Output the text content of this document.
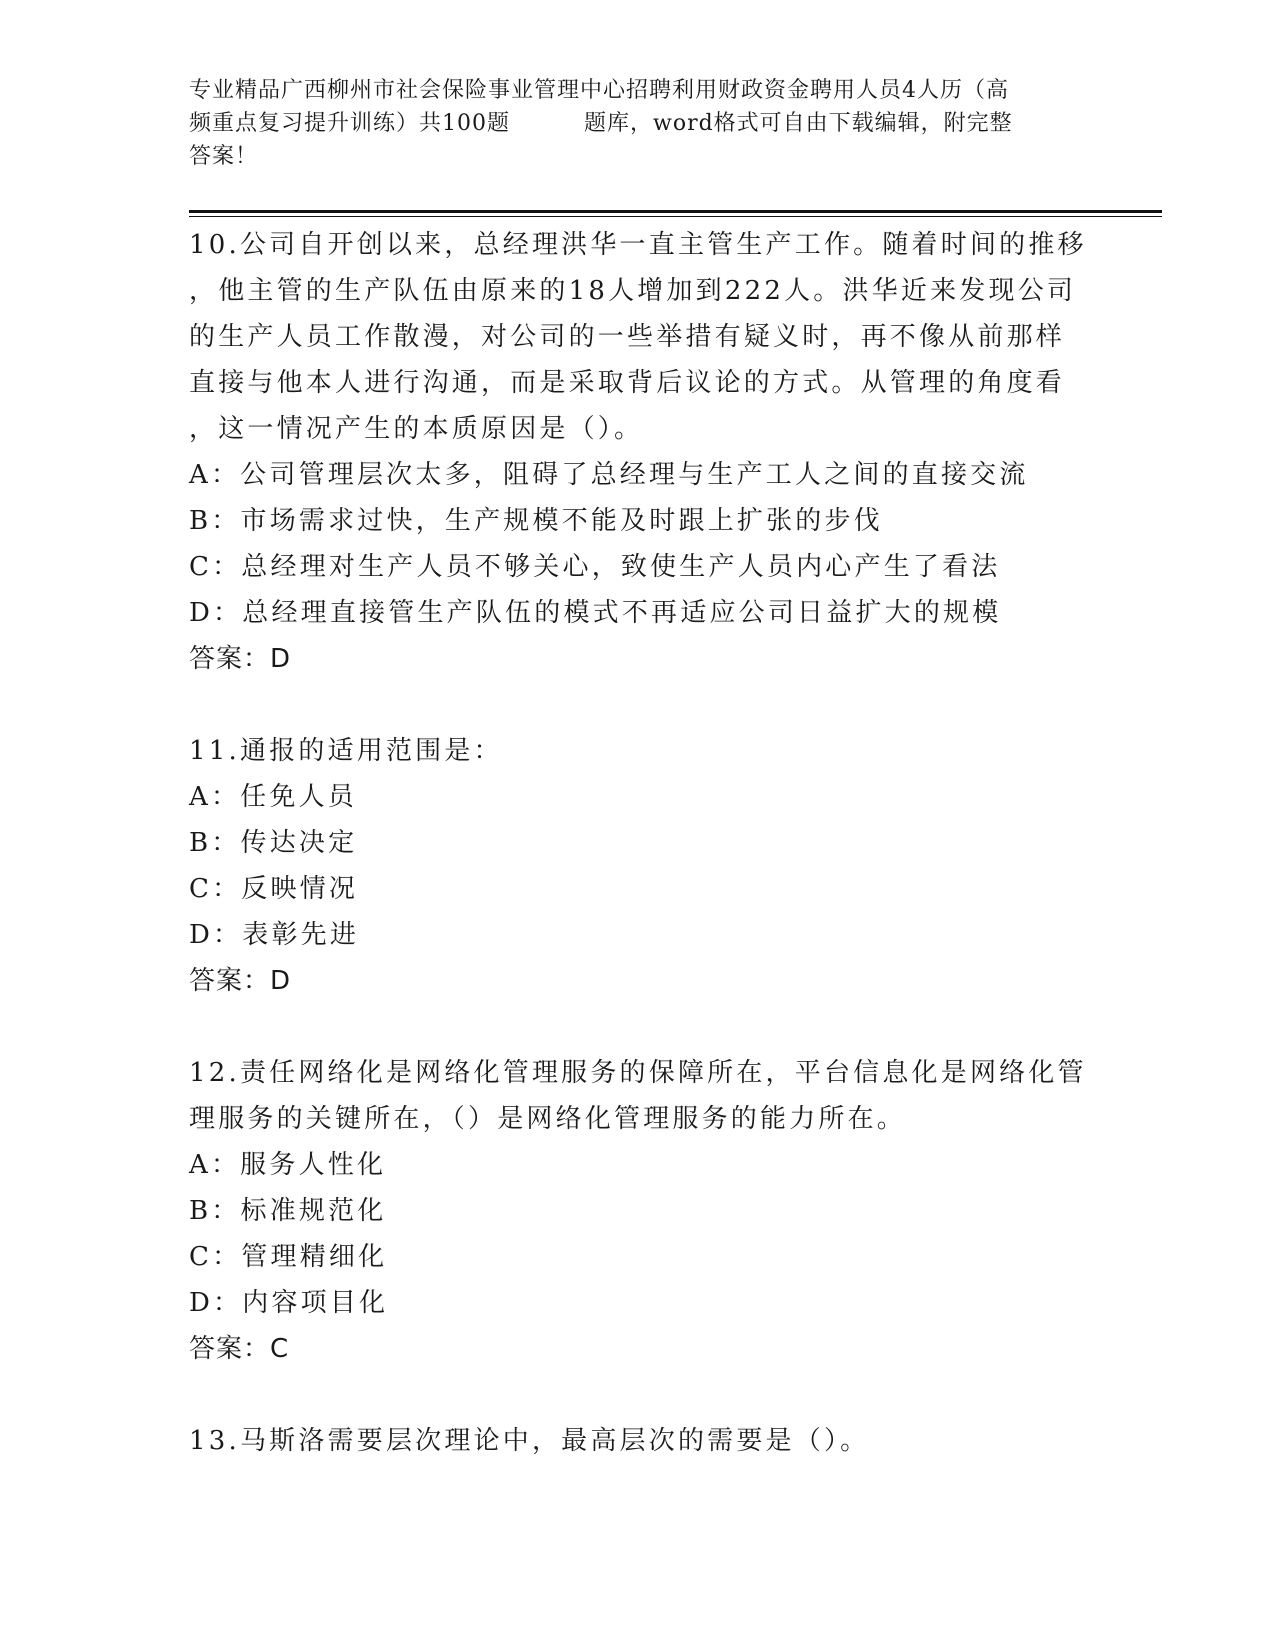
专业精品广西柳州市社会保险事业管理中心招聘利用财政资金聘用人员4人历（高
频重点复习提升训练）共100题	题库，word格式可自由下载编辑，附完整
答案！
10.公司自开创以来，总经理洪华一直主管生产工作。随着时间的推移
，他主管的生产队伍由原来的18人增加到222人。洪华近来发现公司
的生产人员工作散漫，对公司的一些举措有疑义时，再不像从前那样
直接与他本人进行沟通，而是采取背后议论的方式。从管理的角度看
，这一情况产生的本质原因是（）。
A：公司管理层次太多，阻碍了总经理与生产工人之间的直接交流
B：市场需求过快，生产规模不能及时跟上扩张的步伐
C：总经理对生产人员不够关心，致使生产人员内心产生了看法
D：总经理直接管生产队伍的模式不再适应公司日益扩大的规模
答案：D
11.通报的适用范围是：
A：任免人员
B：传达决定
C：反映情况
D：表彰先进
答案：D
12.责任网络化是网络化管理服务的保障所在，平台信息化是网络化管
理服务的关键所在，（）是网络化管理服务的能力所在。
A：服务人性化
B：标准规范化
C：管理精细化
D：内容项目化
答案：C
13.马斯洛需要层次理论中，最高层次的需要是（）。
